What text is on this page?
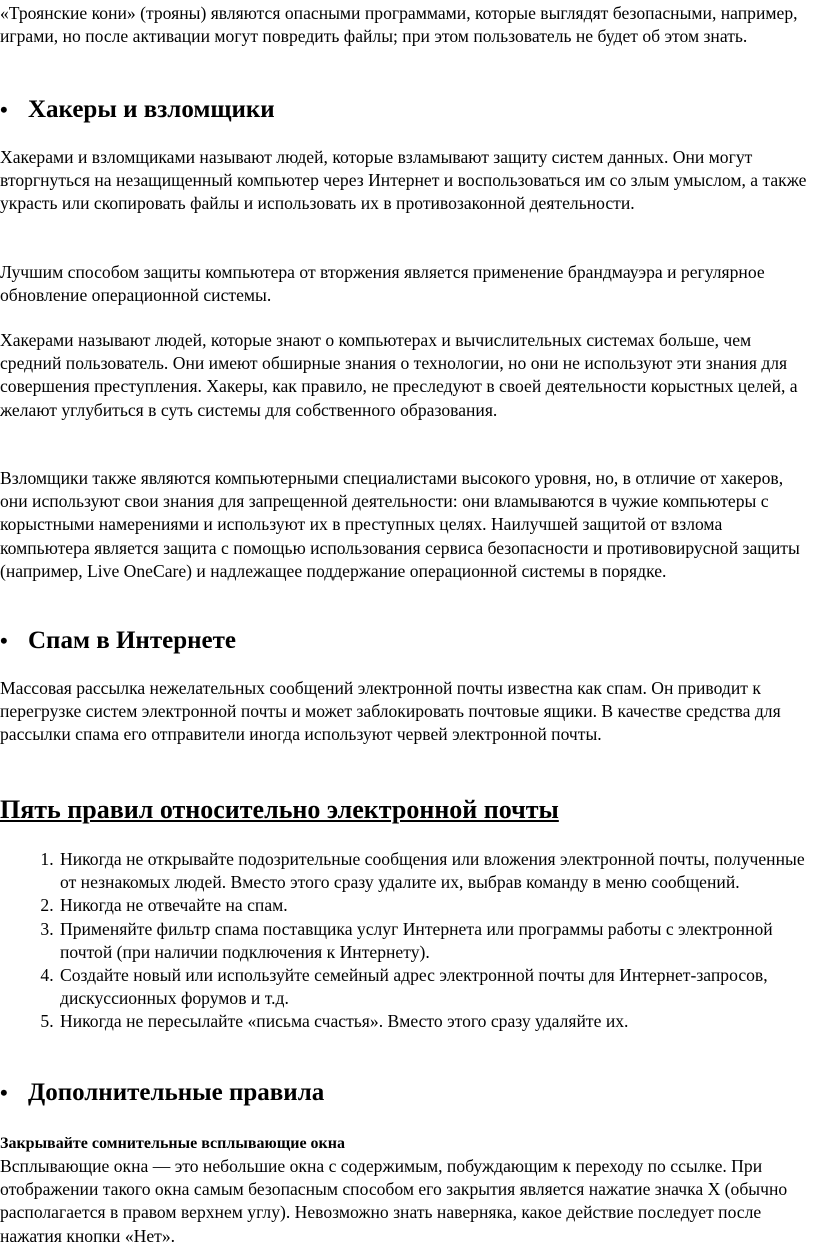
«Троянские кони» (трояны) являются опасными программами, которые выглядят безопасными, например, играми, но после активации могут повредить файлы; при этом пользователь не будет об этом знать.

• Хакеры и взломщики

Хакерами и взломщиками называют людей, которые взламывают защиту систем данных. Они могут вторгнуться на незащищенный компьютер через Интернет и воспользоваться им со злым умыслом, а также украсть или скопировать файлы и использовать их в противозаконной деятельности.

Лучшим способом защиты компьютера от вторжения является применение брандмауэра и регулярное обновление операционной системы.

Хакерами называют людей, которые знают о компьютерах и вычислительных системах больше, чем средний пользователь. Они имеют обширные знания о технологии, но они не используют эти знания для совершения преступления. Хакеры, как правило, не преследуют в своей деятельности корыстных целей, а желают углубиться в суть системы для собственного образования.

Взломщики также являются компьютерными специалистами высокого уровня, но, в отличие от хакеров, они используют свои знания для запрещенной деятельности: они вламываются в чужие компьютеры с корыстными намерениями и используют их в преступных целях. Наилучшей защитой от взлома компьютера является защита с помощью использования сервиса безопасности и противовирусной защиты (например, Live OneCare) и надлежащее поддержание операционной системы в порядке.

• Спам в Интернете

Массовая рассылка нежелательных сообщений электронной почты известна как спам. Он приводит к перегрузке систем электронной почты и может заблокировать почтовые ящики. В качестве средства для рассылки спама его отправители иногда используют червей электронной почты.

Пять правил относительно электронной почты
1. Никогда не открывайте подозрительные сообщения или вложения электронной почты, полученные от незнакомых людей. Вместо этого сразу удалите их, выбрав команду в меню сообщений.
2. Никогда не отвечайте на спам.
3. Применяйте фильтр спама поставщика услуг Интернета или программы работы с электронной почтой (при наличии подключения к Интернету).
4. Создайте новый или используйте семейный адрес электронной почты для Интернет-запросов, дискуссионных форумов и т.д.
5. Никогда не пересылайте «письма счастья». Вместо этого сразу удаляйте их.
• Дополнительные правила
Закрывайте сомнительные всплывающие окна

Всплывающие окна — это небольшие окна с содержимым, побуждающим к переходу по ссылке. При отображении такого окна самым безопасным способом его закрытия является нажатие значка X (обычно располагается в правом верхнем углу). Невозможно знать наверняка, какое действие последует после нажатия кнопки «Нет».
